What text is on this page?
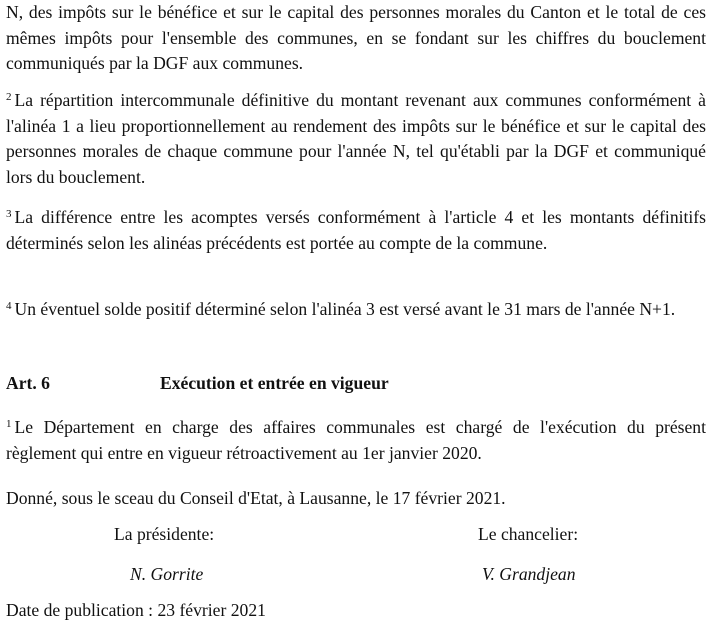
N, des impôts sur le bénéfice et sur le capital des personnes morales du Canton et le total de ces mêmes impôts pour l'ensemble des communes, en se fondant sur les chiffres du bouclement communiqués par la DGF aux communes.

$^2$ La répartition intercommunale définitive du montant revenant aux communes conformément à l'alinéa 1 a lieu proportionnellement au rendement des impôts sur le bénéfice et sur le capital des personnes morales de chaque commune pour l'année N, tel qu'établi par la DGF et communiqué lors du bouclement.

$^3$ La différence entre les acomptes versés conformément à l'article 4 et les montants définitifs déterminés selon les alinéas précédents est portée au compte de la commune.

$^4$ Un éventuel solde positif déterminé selon l'alinéa 3 est versé avant le 31 mars de l'année N+1.

Art. 6	Exécution et entrée en vigueur

$^1$ Le Département en charge des affaires communales est chargé de l'exécution du présent règlement qui entre en vigueur rétroactivement au 1er janvier 2020.

Donné, sous le sceau du Conseil d'Etat, à Lausanne, le 17 février 2021.
La présidente:	Le chancelier:
N. Gorrite	V. Grandjean
Date de publication : 23 février 2021
